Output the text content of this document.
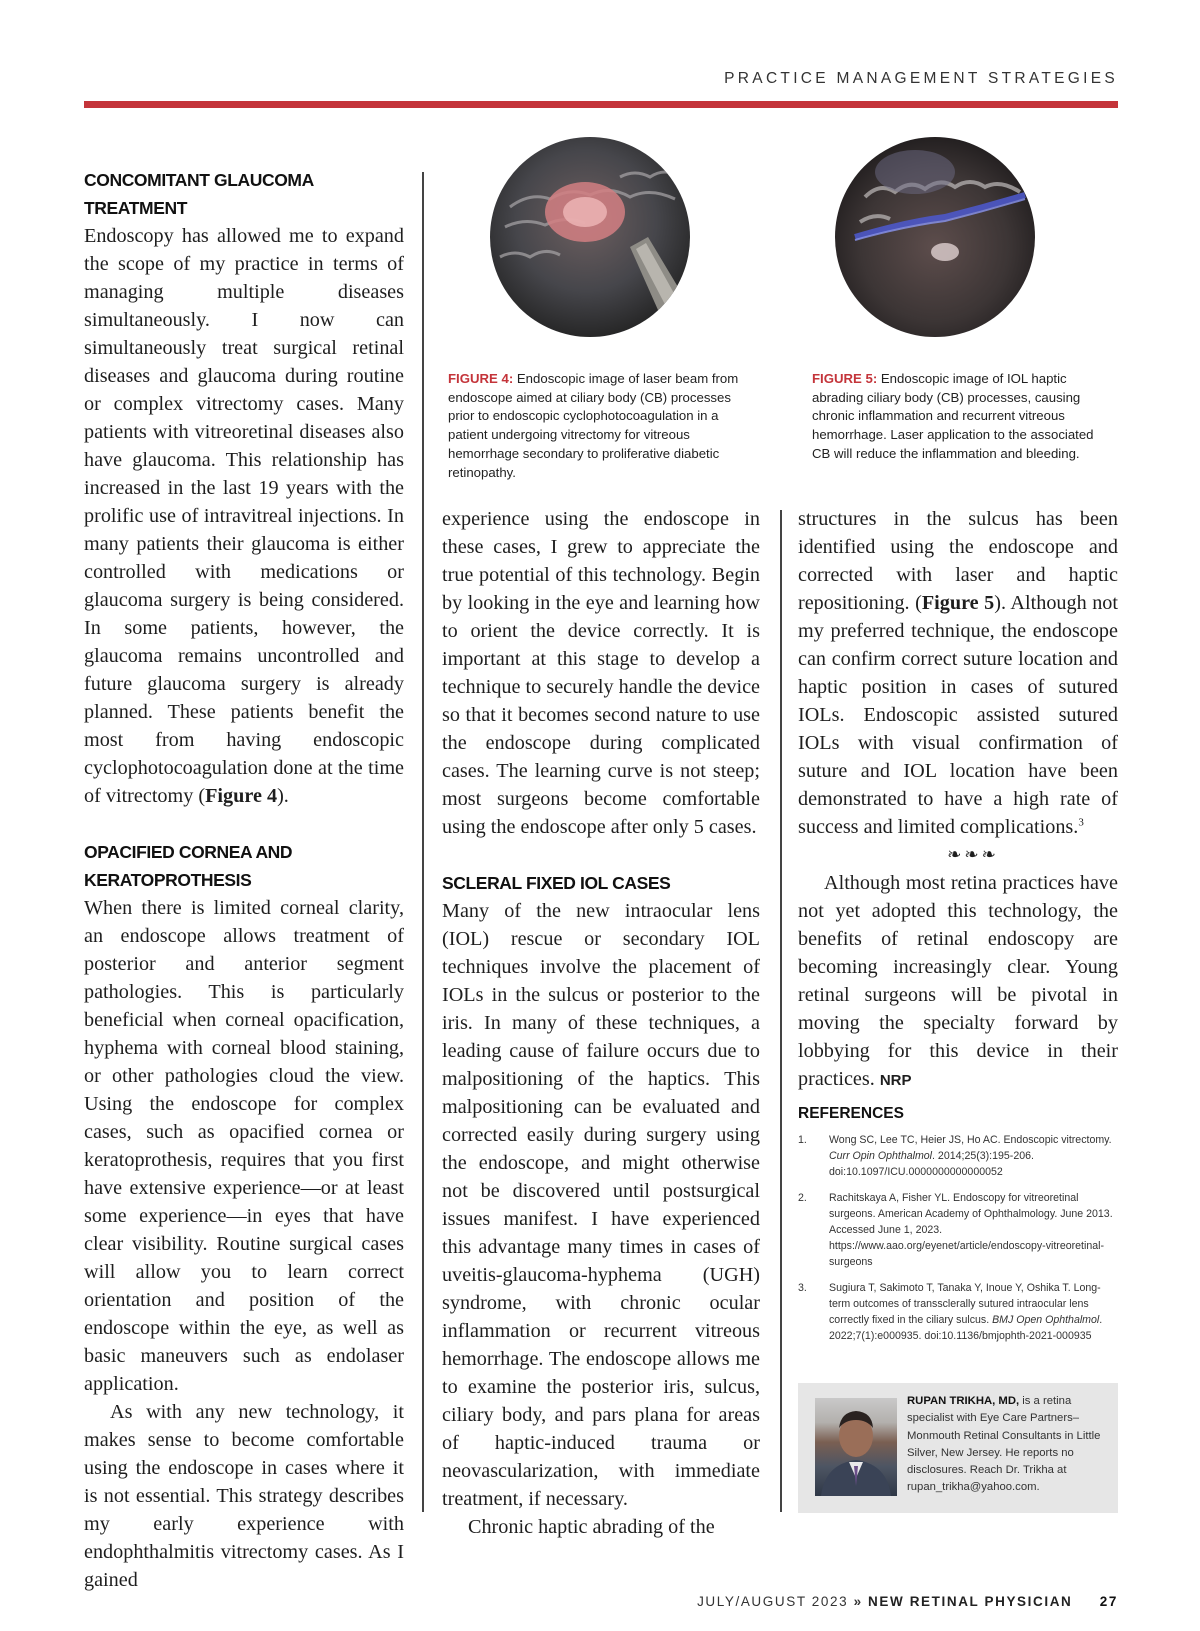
PRACTICE MANAGEMENT STRATEGIES
FIGURE 4: Endoscopic image of laser beam from endoscope aimed at ciliary body (CB) processes prior to endoscopic cyclophotocoagulation in a patient undergoing vitrectomy for vitreous hemorrhage secondary to proliferative diabetic retinopathy.
FIGURE 5: Endoscopic image of IOL haptic abrading ciliary body (CB) processes, causing chronic inflammation and recurrent vitreous hemorrhage. Laser application to the associated CB will reduce the inflammation and bleeding.
CONCOMITANT GLAUCOMA TREATMENT

Endoscopy has allowed me to expand the scope of my practice in terms of managing multiple diseases simultaneously. I now can simultaneously treat surgical retinal diseases and glaucoma during routine or complex vitrectomy cases. Many patients with vitreoretinal diseases also have glaucoma. This relationship has increased in the last 19 years with the prolific use of intravitreal injections. In many patients their glaucoma is either controlled with medications or glaucoma surgery is being considered. In some patients, however, the glaucoma remains uncontrolled and future glaucoma surgery is already planned. These patients benefit the most from having endoscopic cyclophotocoagulation done at the time of vitrectomy (Figure 4).

OPACIFIED CORNEA AND KERATOPROTHESIS

When there is limited corneal clarity, an endoscope allows treatment of posterior and anterior segment pathologies. This is particularly beneficial when corneal opacification, hyphema with corneal blood staining, or other pathologies cloud the view. Using the endoscope for complex cases, such as opacified cornea or keratoprothesis, requires that you first have extensive experience—or at least some experience—in eyes that have clear visibility. Routine surgical cases will allow you to learn correct orientation and position of the endoscope within the eye, as well as basic maneuvers such as endolaser application.

As with any new technology, it makes sense to become comfortable using the endoscope in cases where it is not essential. This strategy describes my early experience with endophthalmitis vitrectomy cases. As I gained

experience using the endoscope in these cases, I grew to appreciate the true potential of this technology. Begin by looking in the eye and learning how to orient the device correctly. It is important at this stage to develop a technique to securely handle the device so that it becomes second nature to use the endoscope during complicated cases. The learning curve is not steep; most surgeons become comfortable using the endoscope after only 5 cases.

SCLERAL FIXED IOL CASES

Many of the new intraocular lens (IOL) rescue or secondary IOL techniques involve the placement of IOLs in the sulcus or posterior to the iris. In many of these techniques, a leading cause of failure occurs due to malpositioning of the haptics. This malpositioning can be evaluated and corrected easily during surgery using the endoscope, and might otherwise not be discovered until postsurgical issues manifest. I have experienced this advantage many times in cases of uveitis-glaucoma-hyphema (UGH) syndrome, with chronic ocular inflammation or recurrent vitreous hemorrhage. The endoscope allows me to examine the posterior iris, sulcus, ciliary body, and pars plana for areas of haptic-induced trauma or neovascularization, with immediate treatment, if necessary.

Chronic haptic abrading of the

structures in the sulcus has been identified using the endoscope and corrected with laser and haptic repositioning. (Figure 5). Although not my preferred technique, the endoscope can confirm correct suture location and haptic position in cases of sutured IOLs. Endoscopic assisted sutured IOLs with visual confirmation of suture and IOL location have been demonstrated to have a high rate of success and limited complications.$^3$

❧❧❧

Although most retina practices have not yet adopted this technology, the benefits of retinal endoscopy are becoming increasingly clear. Young retinal surgeons will be pivotal in moving the specialty forward by lobbying for this device in their practices. NRP

REFERENCES
1. Wong SC, Lee TC, Heier JS, Ho AC. Endoscopic vitrectomy. Curr Opin Ophthalmol. 2014;25(3):195-206. doi:10.1097/ICU.0000000000000052
2. Rachitskaya A, Fisher YL. Endoscopy for vitreoretinal surgeons. American Academy of Ophthalmology. June 2013. Accessed June 1, 2023. https://www.aao.org/eyenet/article/endoscopy-vitreoretinal-surgeons
3. Sugiura T, Sakimoto T, Tanaka Y, Inoue Y, Oshika T. Long-term outcomes of transsclerally sutured intraocular lens correctly fixed in the ciliary sulcus. BMJ Open Ophthalmol. 2022;7(1):e000935. doi:10.1136/bmjophth-2021-000935
RUPAN TRIKHA, MD, is a retina specialist with Eye Care Partners–Monmouth Retinal Consultants in Little Silver, New Jersey. He reports no disclosures. Reach Dr. Trikha at rupan_trikha@yahoo.com.
JULY/AUGUST 2023 » NEW RETINAL PHYSICIAN 27
